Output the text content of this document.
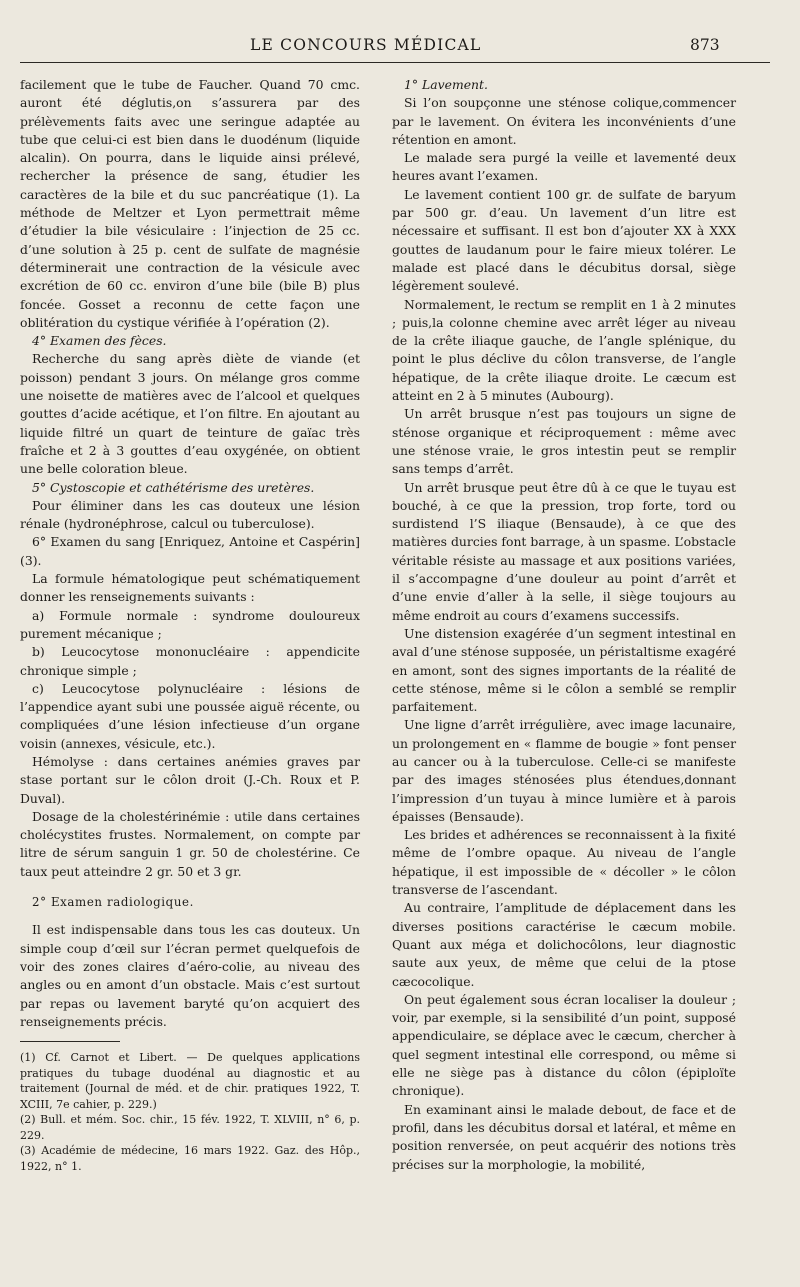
LE CONCOURS MÉDICAL	873

facilement que le tube de Faucher. Quand 70 cmc. auront été déglutis,on s’assurera par des prélèvements faits avec une seringue adaptée au tube que celui-ci est bien dans le duodénum (liquide alcalin). On pourra, dans le liquide ainsi prélevé, rechercher la présence de sang, étudier les caractères de la bile et du suc pancréatique (1). La méthode de Meltzer et Lyon permettrait même d’étudier la bile vésiculaire : l’injection de 25 cc. d’une solution à 25 p. cent de sulfate de magnésie déterminerait une contraction de la vésicule avec excrétion de 60 cc. environ d’une bile (bile B) plus foncée. Gosset a reconnu de cette façon une oblitération du cystique vérifiée à l’opération (2).

4° Examen des fèces.

Recherche du sang après diète de viande (et poisson) pendant 3 jours. On mélange gros comme une noisette de matières avec de l’alcool et quelques gouttes d’acide acétique, et l’on filtre. En ajoutant au liquide filtré un quart de teinture de gaïac très fraîche et 2 à 3 gouttes d’eau oxygénée, on obtient une belle coloration bleue.

5° Cystoscopie et cathétérisme des uretères.

Pour éliminer dans les cas douteux une lésion rénale (hydronéphrose, calcul ou tuberculose).

6° Examen du sang [Enriquez, Antoine et Caspérin] (3).

La formule hématologique peut schématiquement donner les renseignements suivants :

a) Formule normale : syndrome douloureux purement mécanique ;

b) Leucocytose mononucléaire : appendicite chronique simple ;

c) Leucocytose polynucléaire : lésions de l’appendice ayant subi une poussée aiguë récente, ou compliquées d’une lésion infectieuse d’un organe voisin (annexes, vésicule, etc.).

Hémolyse : dans certaines anémies graves par stase portant sur le côlon droit (J.-Ch. Roux et P. Duval).

Dosage de la cholestérinémie : utile dans certaines cholécystites frustes. Normalement, on compte par litre de sérum sanguin 1 gr. 50 de cholestérine. Ce taux peut atteindre 2 gr. 50 et 3 gr.

2° Examen radiologique.

Il est indispensable dans tous les cas douteux. Un simple coup d’œil sur l’écran permet quelquefois de voir des zones claires d’aéro-colie, au niveau des angles ou en amont d’un obstacle. Mais c’est surtout par repas ou lavement baryté qu’on acquiert des renseignements précis.

(1) Cf. Carnot et Libert. — De quelques applications pratiques du tubage duodénal au diagnostic et au traitement (Journal de méd. et de chir. pratiques 1922, T. XCIII, 7e cahier, p. 229.)

(2) Bull. et mém. Soc. chir., 15 fév. 1922, T. XLVIII, n° 6, p. 229.

(3) Académie de médecine, 16 mars 1922. Gaz. des Hôp., 1922, n° 1.

1° Lavement.

Si l’on soupçonne une sténose colique,commencer par le lavement. On évitera les inconvénients d’une rétention en amont.

Le malade sera purgé la veille et lavementé deux heures avant l’examen.

Le lavement contient 100 gr. de sulfate de baryum par 500 gr. d’eau. Un lavement d’un litre est nécessaire et suffisant. Il est bon d’ajouter XX à XXX gouttes de laudanum pour le faire mieux tolérer. Le malade est placé dans le décubitus dorsal, siège légèrement soulevé.

Normalement, le rectum se remplit en 1 à 2 minutes ; puis,la colonne chemine avec arrêt léger au niveau de la crête iliaque gauche, de l’angle splénique, du point le plus déclive du côlon transverse, de l’angle hépatique, de la crête iliaque droite. Le cæcum est atteint en 2 à 5 minutes (Aubourg).

Un arrêt brusque n’est pas toujours un signe de sténose organique et réciproquement : même avec une sténose vraie, le gros intestin peut se remplir sans temps d’arrêt.

Un arrêt brusque peut être dû à ce que le tuyau est bouché, à ce que la pression, trop forte, tord ou surdistend l’S iliaque (Bensaude), à ce que des matières durcies font barrage, à un spasme. L’obstacle véritable résiste au massage et aux positions variées, il s’accompagne d’une douleur au point d’arrêt et d’une envie d’aller à la selle, il siège toujours au même endroit au cours d’examens successifs.

Une distension exagérée d’un segment intestinal en aval d’une sténose supposée, un péristaltisme exagéré en amont, sont des signes importants de la réalité de cette sténose, même si le côlon a semblé se remplir parfaitement.

Une ligne d’arrêt irrégulière, avec image lacunaire, un prolongement en « flamme de bougie » font penser au cancer ou à la tuberculose. Celle-ci se manifeste par des images sténosées plus étendues,donnant l’impression d’un tuyau à mince lumière et à parois épaisses (Bensaude).

Les brides et adhérences se reconnaissent à la fixité même de l’ombre opaque. Au niveau de l’angle hépatique, il est impossible de « décoller » le côlon transverse de l’ascendant.

Au contraire, l’amplitude de déplacement dans les diverses positions caractérise le cæcum mobile. Quant aux méga et dolichocôlons, leur diagnostic saute aux yeux, de même que celui de la ptose cæcocolique.

On peut également sous écran localiser la douleur ; voir, par exemple, si la sensibilité d’un point, supposé appendiculaire, se déplace avec le cæcum, chercher à quel segment intestinal elle correspond, ou même si elle ne siège pas à distance du côlon (épiploïte chronique).

En examinant ainsi le malade debout, de face et de profil, dans les décubitus dorsal et latéral, et même en position renversée, on peut acquérir des notions très précises sur la morphologie, la mobilité,
